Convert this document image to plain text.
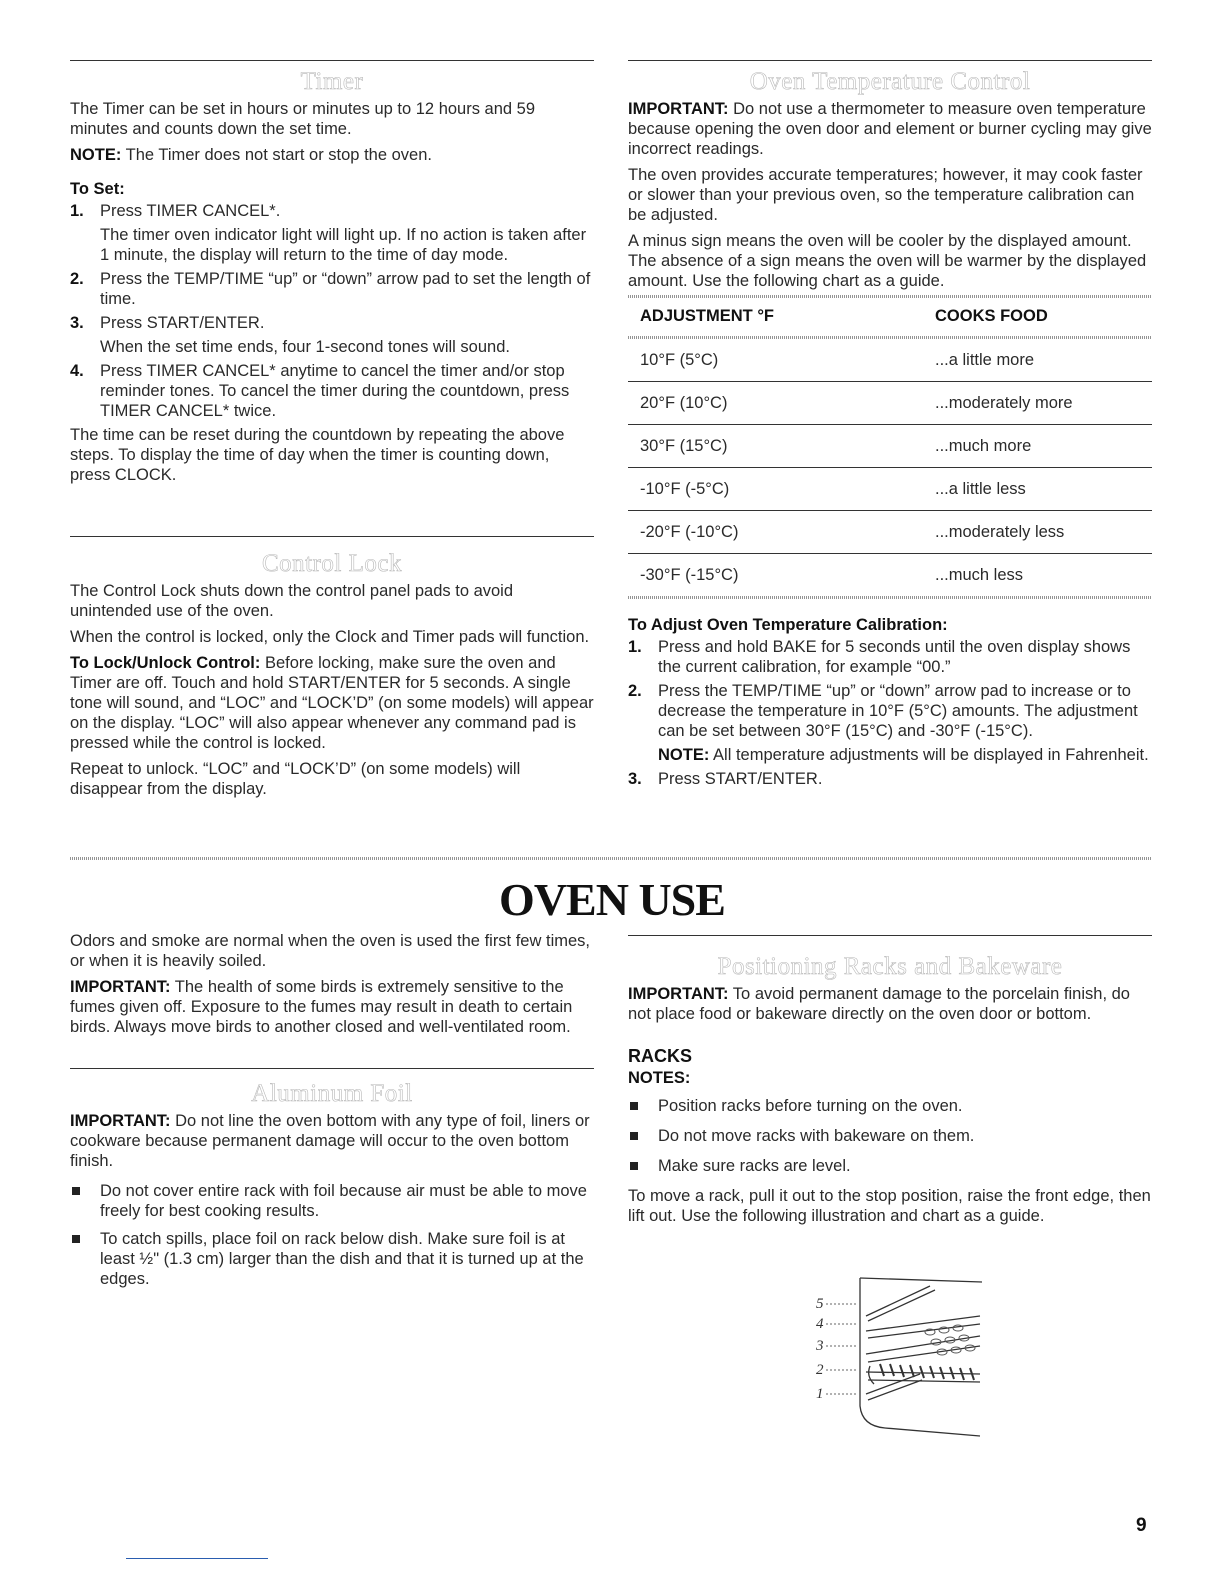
Timer

The Timer can be set in hours or minutes up to 12 hours and 59 minutes and counts down the set time.

NOTE: The Timer does not start or stop the oven.

To Set:
1. Press TIMER CANCEL*.
The timer oven indicator light will light up. If no action is taken after 1 minute, the display will return to the time of day mode.
2. Press the TEMP/TIME “up” or “down” arrow pad to set the length of time.
3. Press START/ENTER.
When the set time ends, four 1-second tones will sound.
4. Press TIMER CANCEL* anytime to cancel the timer and/or stop reminder tones. To cancel the timer during the countdown, press TIMER CANCEL* twice.

The time can be reset during the countdown by repeating the above steps. To display the time of day when the timer is counting down, press CLOCK.

Control Lock

The Control Lock shuts down the control panel pads to avoid unintended use of the oven.

When the control is locked, only the Clock and Timer pads will function.

To Lock/Unlock Control: Before locking, make sure the oven and Timer are off. Touch and hold START/ENTER for 5 seconds. A single tone will sound, and “LOC” and “LOCK’D” (on some models) will appear on the display. “LOC” will also appear whenever any command pad is pressed while the control is locked.

Repeat to unlock. “LOC” and “LOCK’D” (on some models) will disappear from the display.

Oven Temperature Control

IMPORTANT: Do not use a thermometer to measure oven temperature because opening the oven door and element or burner cycling may give incorrect readings.

The oven provides accurate temperatures; however, it may cook faster or slower than your previous oven, so the temperature calibration can be adjusted.

A minus sign means the oven will be cooler by the displayed amount. The absence of a sign means the oven will be warmer by the displayed amount. Use the following chart as a guide.

ADJUSTMENT °F	COOKS FOOD

10°F (5°C)	...a little more
20°F (10°C)	...moderately more
30°F (15°C)	...much more
-10°F (-5°C)	...a little less
-20°F (-10°C)	...moderately less
-30°F (-15°C)	...much less
To Adjust Oven Temperature Calibration:
1. Press and hold BAKE for 5 seconds until the oven display shows the current calibration, for example “00.”
2. Press the TEMP/TIME “up” or “down” arrow pad to increase or to decrease the temperature in 10°F (5°C) amounts. The adjustment can be set between 30°F (15°C) and -30°F (-15°C).
NOTE: All temperature adjustments will be displayed in Fahrenheit.
3. Press START/ENTER.
OVEN USE

Odors and smoke are normal when the oven is used the first few times, or when it is heavily soiled.

IMPORTANT: The health of some birds is extremely sensitive to the fumes given off. Exposure to the fumes may result in death to certain birds. Always move birds to another closed and well-ventilated room.

Aluminum Foil

IMPORTANT: Do not line the oven bottom with any type of foil, liners or cookware because permanent damage will occur to the oven bottom finish.

Do not cover entire rack with foil because air must be able to move freely for best cooking results.
To catch spills, place foil on rack below dish. Make sure foil is at least ½" (1.3 cm) larger than the dish and that it is turned up at the edges.
Positioning Racks and Bakeware

IMPORTANT: To avoid permanent damage to the porcelain finish, do not place food or bakeware directly on the oven door or bottom.

RACKS
NOTES:
Position racks before turning on the oven.
Do not move racks with bakeware on them.
Make sure racks are level.

To move a rack, pull it out to the stop position, raise the front edge, then lift out. Use the following illustration and chart as a guide.

5
4
3
2
1
9
